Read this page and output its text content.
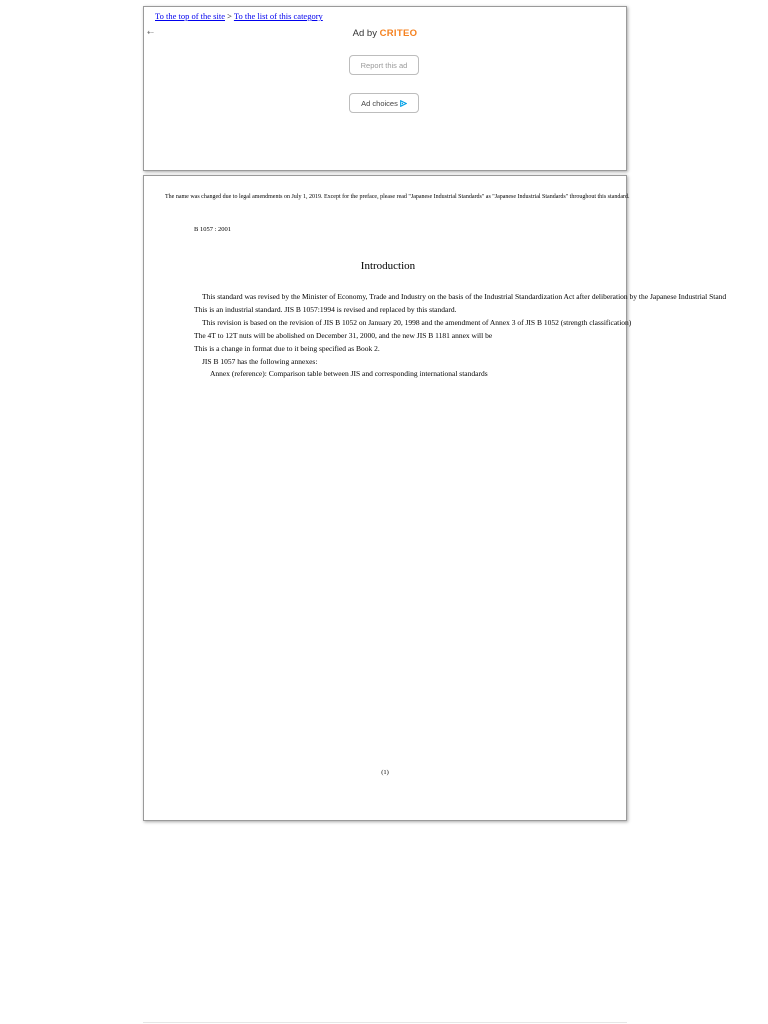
To the top of the site > To the list of this category
⇠	Ad by CRITEO
Report this ad
Ad choices
The name was changed due to legal amendments on July 1, 2019. Except for the preface, please read "Japanese Industrial Standards" as "Japanese Industrial Standards" throughout this standard.
B 1057 : 2001
Introduction
This standard was revised by the Minister of Economy, Trade and Industry on the basis of the Industrial Standardization Act after deliberation by the Japanese Industrial Stand
This is an industrial standard. JIS B 1057:1994 is revised and replaced by this standard.
This revision is based on the revision of JIS B 1052 on January 20, 1998 and the amendment of Annex 3 of JIS B 1052 (strength classification)
The 4T to 12T nuts will be abolished on December 31, 2000, and the new JIS B 1181 annex will be
This is a change in format due to it being specified as Book 2.
JIS B 1057 has the following annexes:
Annex (reference): Comparison table between JIS and corresponding international standards
(1)
